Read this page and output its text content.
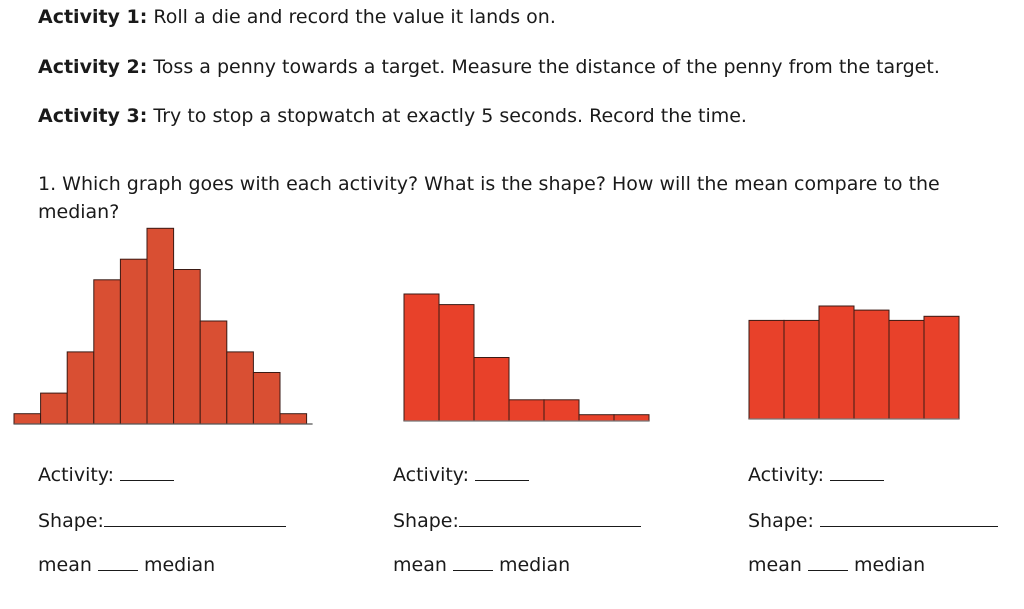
Activity 1: Roll a die and record the value it lands on.
Activity 2: Toss a penny towards a target. Measure the distance of the penny from the target.
Activity 3: Try to stop a stopwatch at exactly 5 seconds. Record the time.
1. Which graph goes with each activity? What is the shape? How will the mean compare to the median?
Activity:
Shape:
mean	median
Activity:
Shape:
mean	median
Activity:
Shape:
mean	median
